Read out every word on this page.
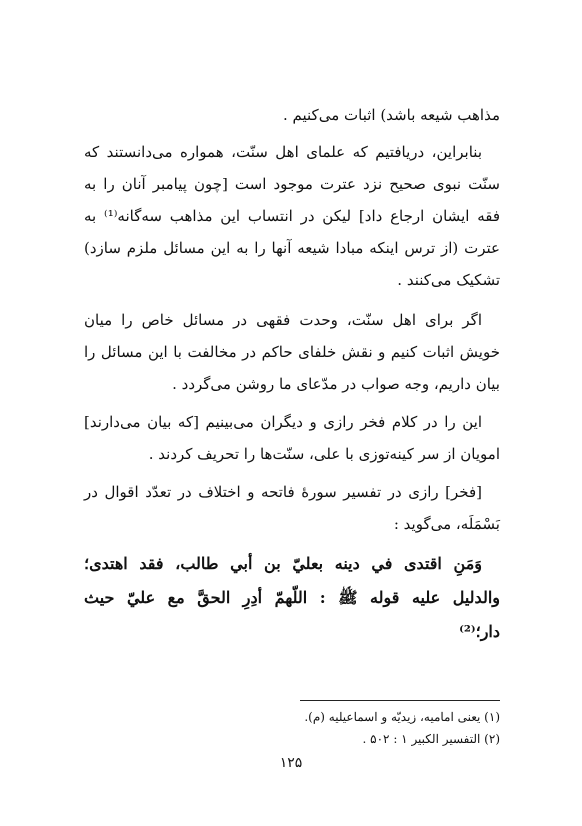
مذاهب شیعه باشد) اثبات می‌کنیم .
بنابراین، دریافتیم که علمای اهل سنّت، همواره می‌دانستند که
سنّت نبوی صحیح نزد عترت موجود است [چون پیامبر آنان را به
فقه ایشان ارجاع داد] لیکن در انتساب این مذاهب سه‌گانه⁽¹⁾ به
عترت (از ترس اینکه مبادا شیعه آنها را به این مسائل ملزم سازد)
تشکیک می‌کنند .
اگر برای اهل سنّت، وحدت فقهی در مسائل خاص را میان
خویش اثبات کنیم و نقش خلفای حاکم در مخالفت با این مسائل را
بیان داریم، وجه صواب در مدّعای ما روشن می‌گردد .
این را در کلام فخر رازی و دیگران می‌بینیم [که بیان می‌دارند]
امویان از سر کینه‌توزی با علی، سنّت‌ها را تحریف کردند .
[فخر] رازی در تفسیر سورهٔ فاتحه و اختلاف در تعدّد اقوال در
بَسْمَلَه، می‌گوید :
وَمَنِ اقتدى في دينه بعليّ بن أبي طالب، فقد اهتدى؛
والدليل عليه قوله ﷺ : اللّهمّ أدِرِ الحقَّ مع عليّ حيث
دار؛⁽²⁾
(۱) یعنی امامیه، زیدیّه و اسماعیلیه (م).
(۲) التفسیر الکبیر ۱ : ۵۰۲ .
۱۲۵
